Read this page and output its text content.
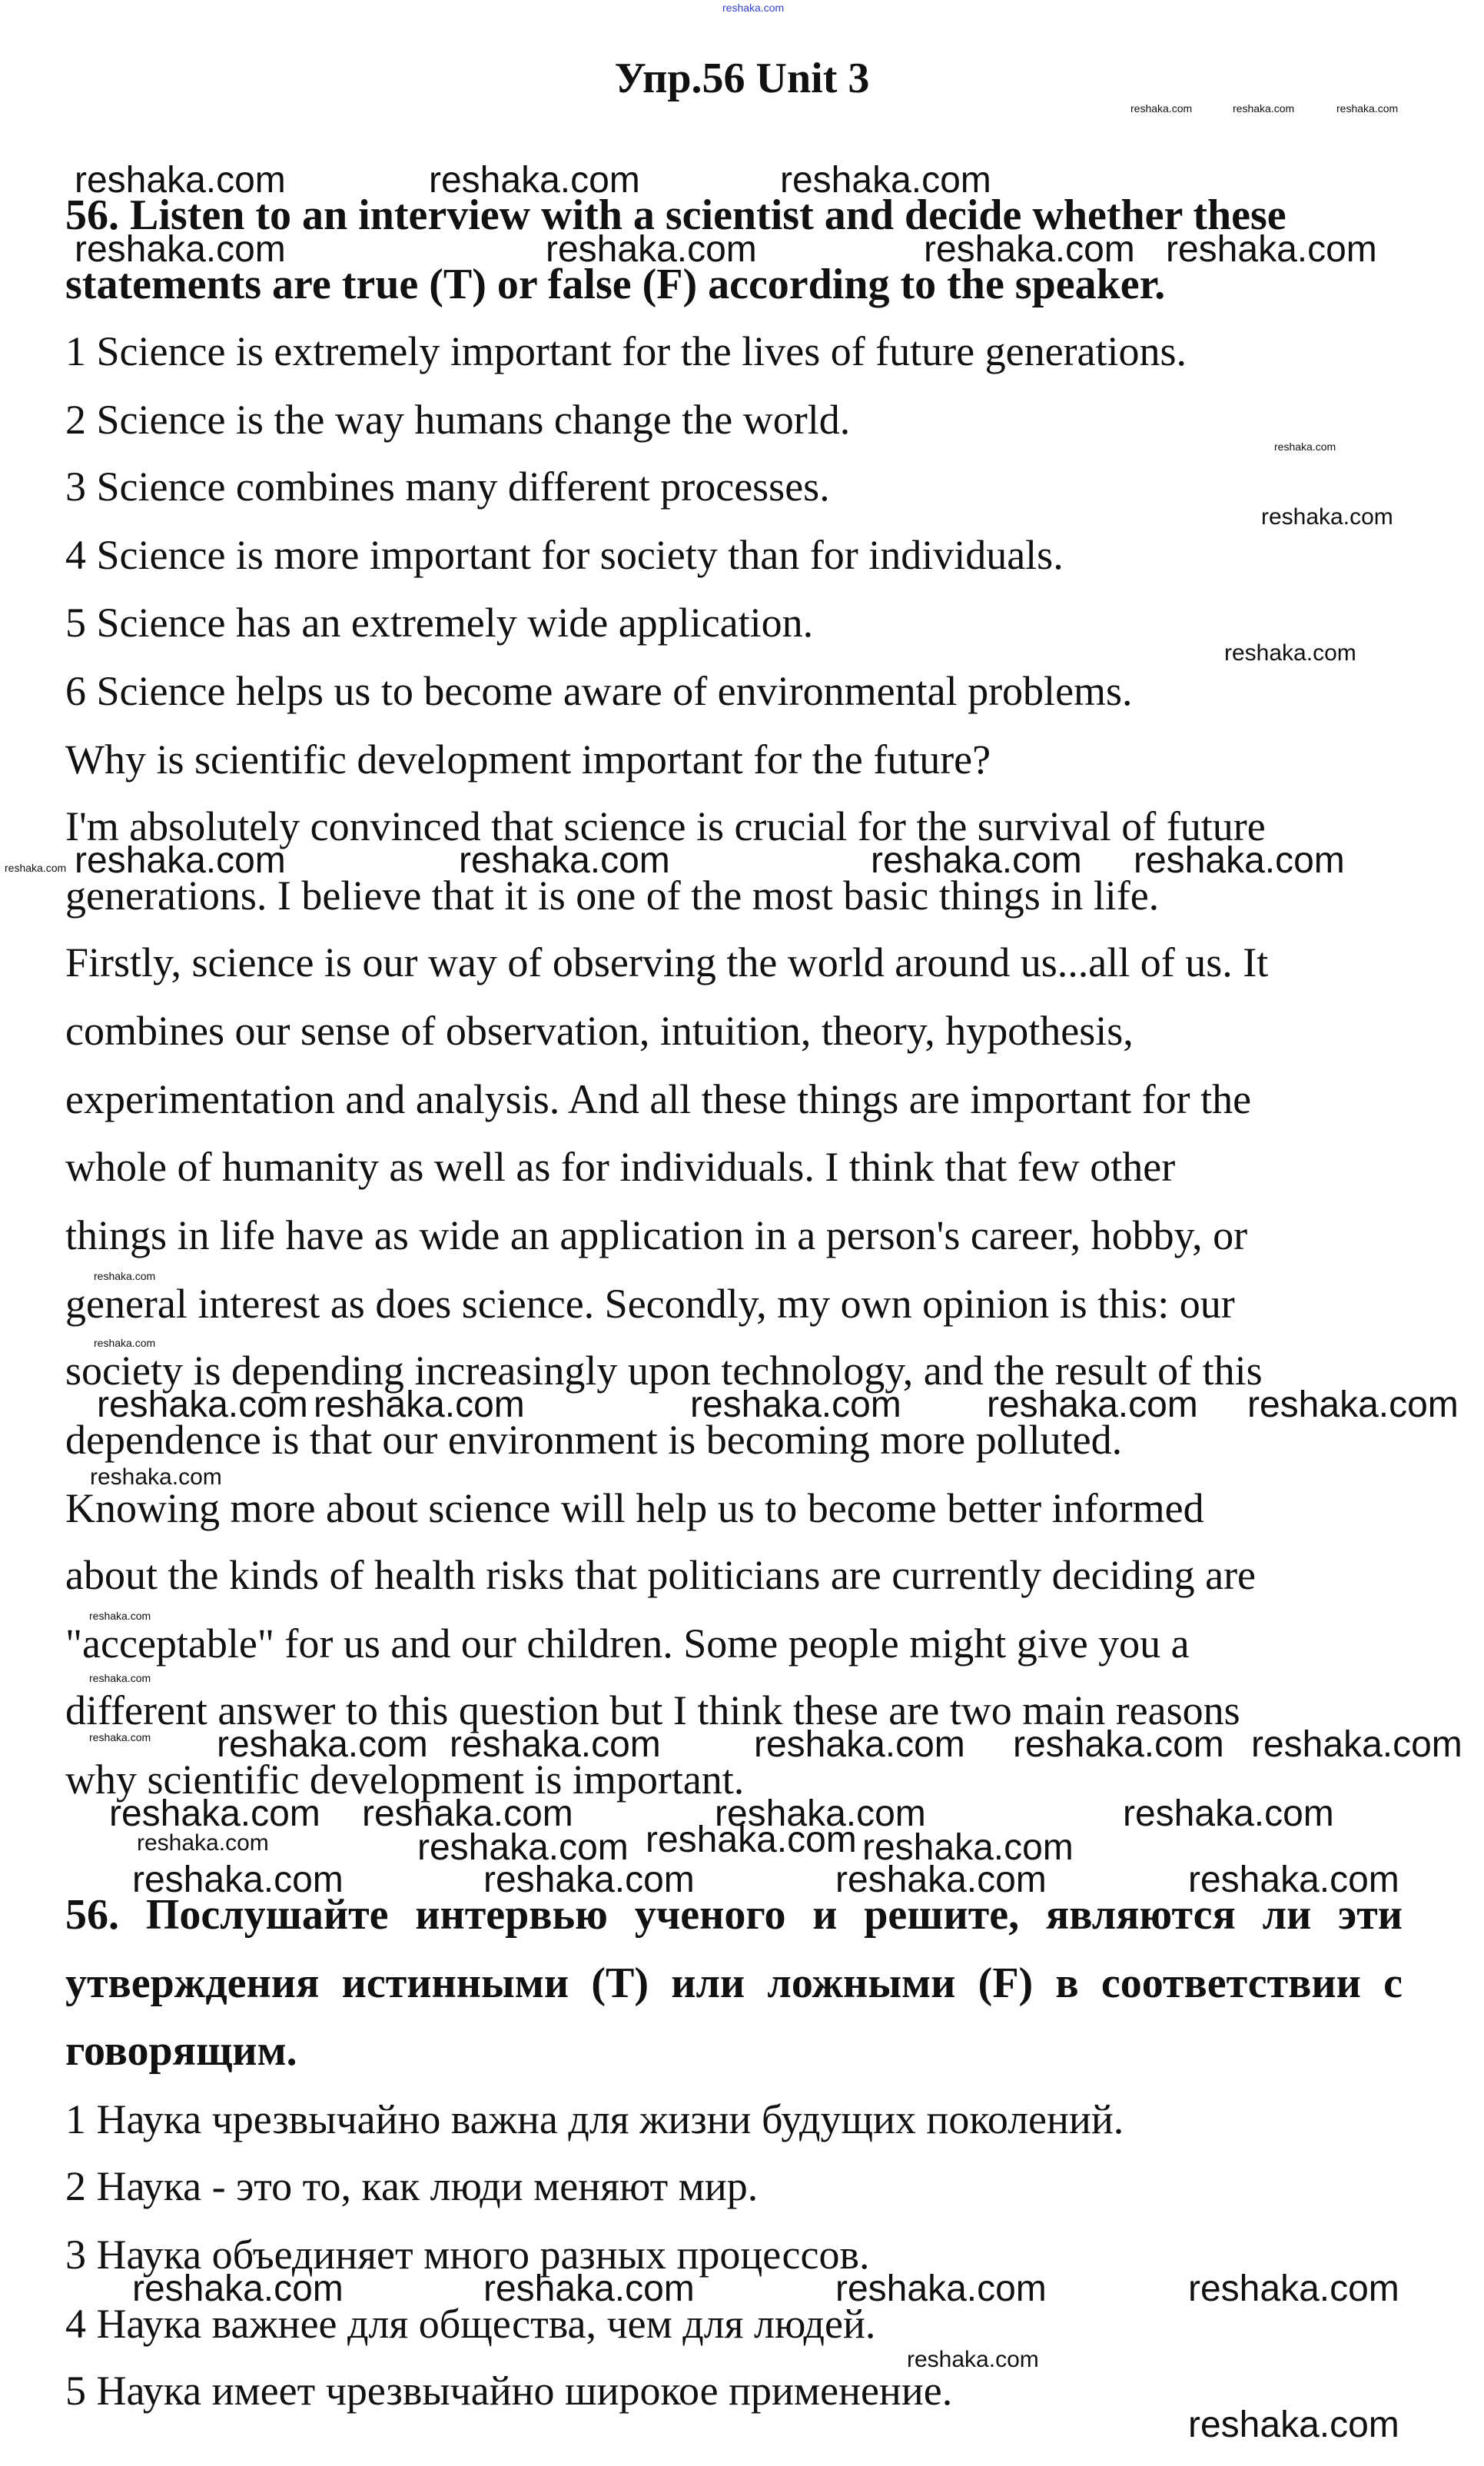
Упр.56 Unit 3
56. Listen to an interview with a scientist and decide whether these
statements are true (T) or false (F) according to the speaker.
1 Science is extremely important for the lives of future generations.
2 Science is the way humans change the world.
3 Science combines many different processes.
4 Science is more important for society than for individuals.
5 Science has an extremely wide application.
6 Science helps us to become aware of environmental problems.
Why is scientific development important for the future?
I'm absolutely convinced that science is crucial for the survival of future
generations. I believe that it is one of the most basic things in life.
Firstly, science is our way of observing the world around us...all of us. It
combines our sense of observation, intuition, theory, hypothesis,
experimentation and analysis. And all these things are important for the
whole of humanity as well as for individuals. I think that few other
things in life have as wide an application in a person's career, hobby, or
general interest as does science. Secondly, my own opinion is this: our
society is depending increasingly upon technology, and the result of this
dependence is that our environment is becoming more polluted.
Knowing more about science will help us to become better informed
about the kinds of health risks that politicians are currently deciding are
"acceptable" for us and our children. Some people might give you a
different answer to this question but I think these are two main reasons
why scientific development is important.
56. Послушайте интервью ученого и решите, являются ли эти
утверждения истинными (T) или ложными (F) в соответствии с
говорящим.
1 Наука чрезвычайно важна для жизни будущих поколений.
2 Наука - это то, как люди меняют мир.
3 Наука объединяет много разных процессов.
4 Наука важнее для общества, чем для людей.
5 Наука имеет чрезвычайно широкое применение.
reshaka.com	reshaka.com
reshaka.com	reshaka.com
reshaka.com
reshaka.com
reshaka.com
reshaka.com	reshaka.com
reshaka.com
reshaka.com
reshaka.com
reshaka.com	reshaka.com reshaka.com
reshaka.com
reshaka.com	reshaka.com
reshaka.com	reshaka.com	reshaka.com
reshaka.com	reshaka.com
reshaka.com
reshaka.com
reshaka.com
reshaka.com	reshaka.com
reshaka.com
reshaka.com	reshaka.com	reshaka.com
reshaka.com
reshaka.com
reshaka.com
reshaka.com
reshaka.com
reshaka.com
reshaka.com
reshaka.com
reshaka.com
reshaka.com
reshaka.com	reshaka.com	reshaka.com
reshaka.com
reshaka.com
reshaka.com
reshaka.com
reshaka.com
reshaka.com
reshaka.com
reshaka.com
